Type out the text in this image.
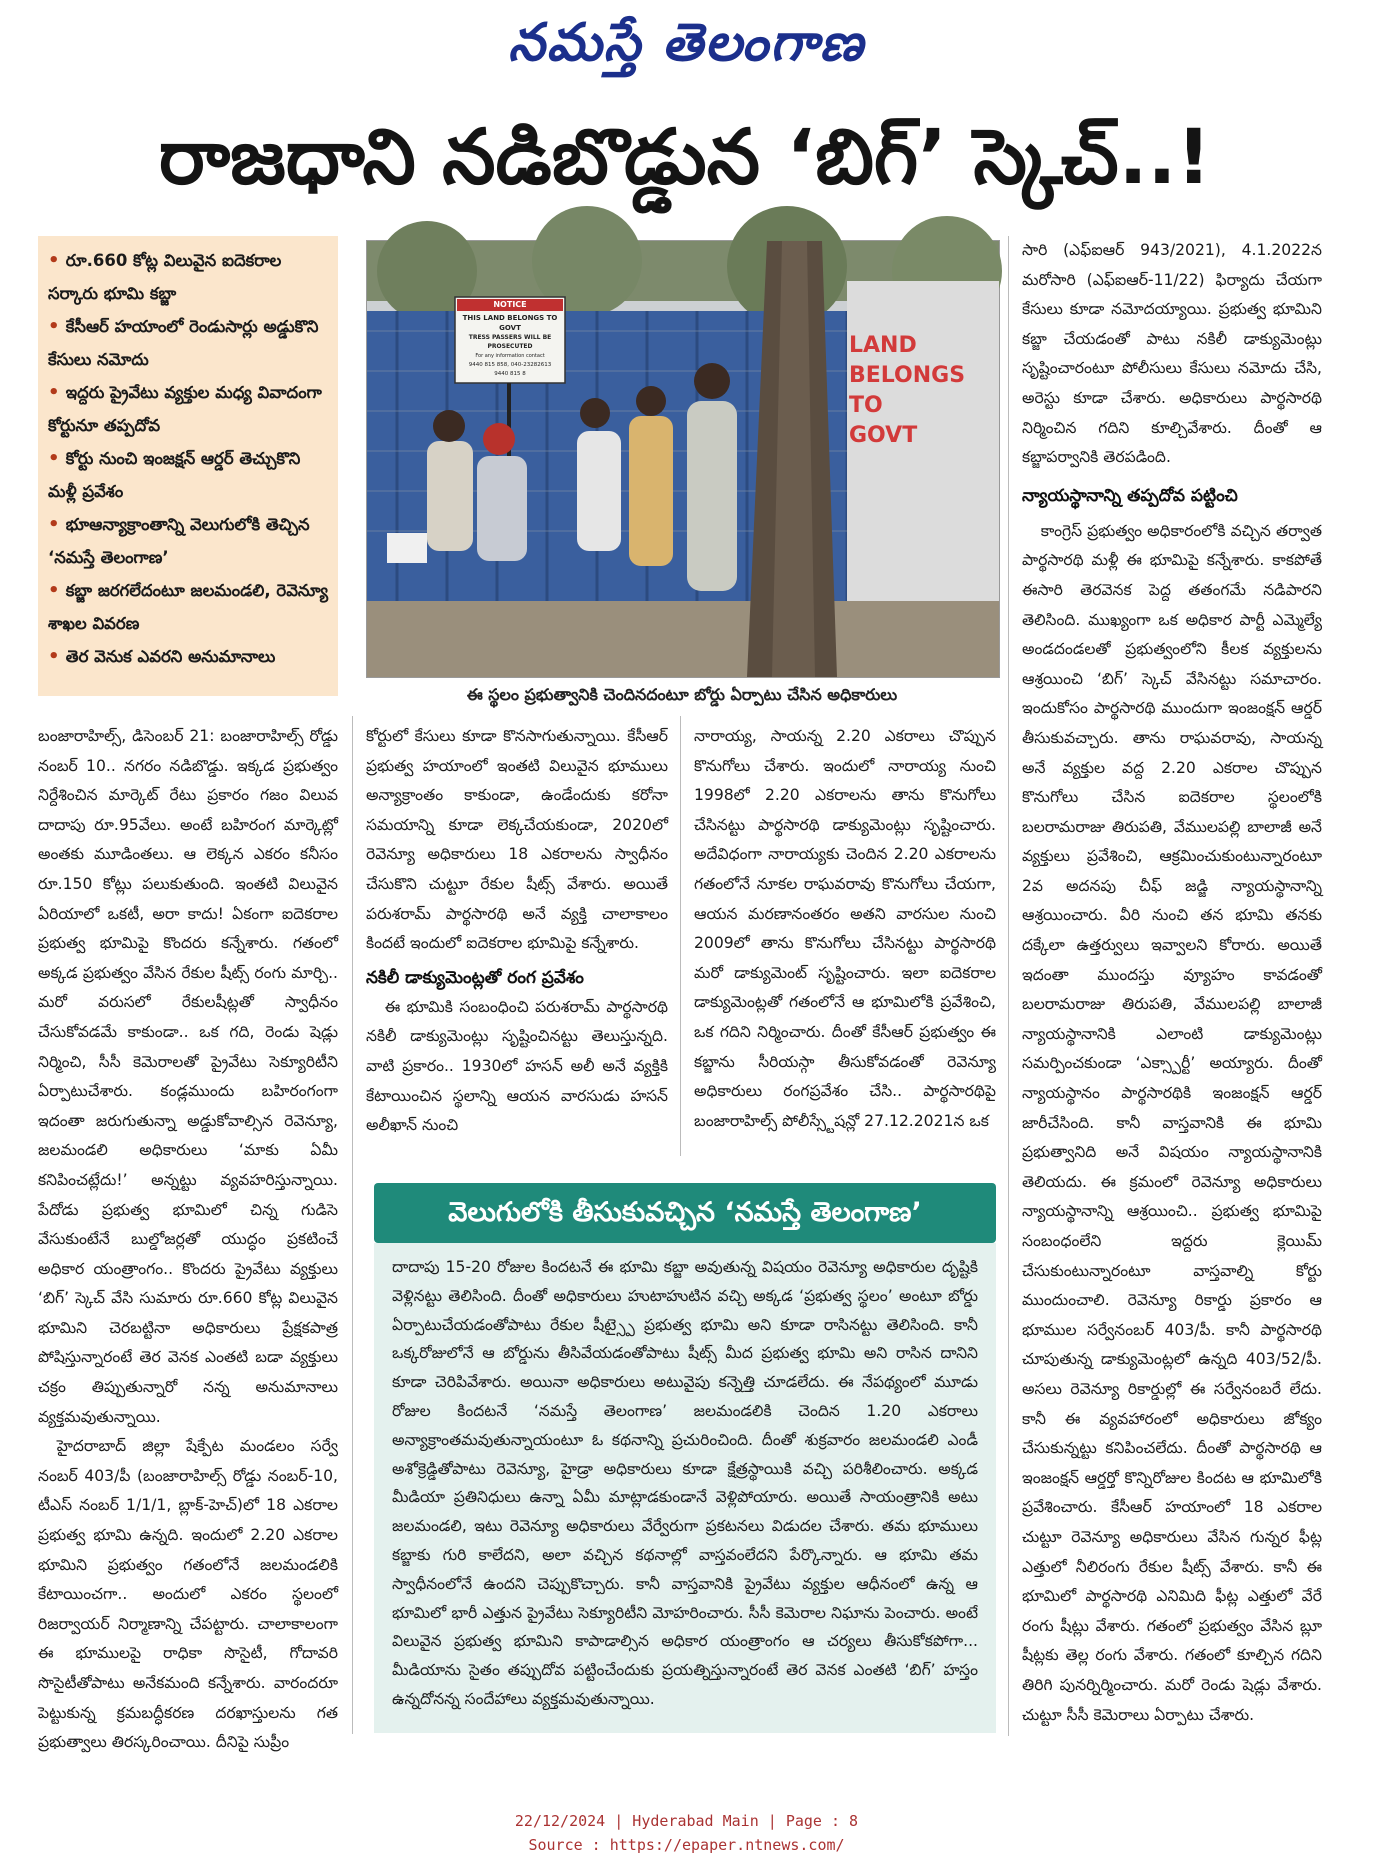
నమస్తే తెలంగాణ
రాజధాని నడిబొడ్డున ‘బిగ్’ స్కెచ్..!
• రూ.660 కోట్ల విలువైన ఐదెకరాల సర్కారు భూమి కబ్జా
• కేసీఆర్ హయాంలో రెండుసార్లు అడ్డుకొని కేసులు నమోదు
• ఇద్దరు ప్రైవేటు వ్యక్తుల మధ్య వివాదంగా కోర్టునూ తప్పదోవ
• కోర్టు నుంచి ఇంజక్షన్ ఆర్డర్ తెచ్చుకొని మళ్లీ ప్రవేశం
• భూఆన్యాక్రాంతాన్ని వెలుగులోకి తెచ్చిన ‘నమస్తే తెలంగాణ’
• కబ్జా జరగలేదంటూ జలమండలి, రెవెన్యూ శాఖల వివరణ
• తెర వెనుక ఎవరని అనుమానాలు
NOTICE
THIS LAND BELONGS TO GOVT
TRESS PASSERS WILL BE PROSECUTED
For any information contact
9440 815 858, 040-23282613
9440 815 8
LAND BELONGS TO GOVT
ఈ స్థలం ప్రభుత్వానికి చెందినదంటూ బోర్డు ఏర్పాటు చేసిన అధికారులు

బంజారాహిల్స్, డిసెంబర్ 21: బంజారాహిల్స్ రోడ్డు నంబర్ 10.. నగరం నడిబొడ్డు. ఇక్కడ ప్రభుత్వం నిర్దేశించిన మార్కెట్ రేటు ప్రకారం గజం విలువ దాదాపు రూ.95వేలు. అంటే బహిరంగ మార్కెట్లో అంతకు మూడింతలు. ఆ లెక్కన ఎకరం కనీసం రూ.150 కోట్లు పలుకుతుంది. ఇంతటి విలువైన ఏరియాలో ఒకటీ, అరా కాదు! ఏకంగా ఐదెకరాల ప్రభుత్వ భూమిపై కొందరు కన్నేశారు. గతంలో అక్కడ ప్రభుత్వం వేసిన రేకుల షీట్స్ రంగు మార్చి.. మరో వరుసలో రేకులషీట్లతో స్వాధీనం చేసుకోవడమే కాకుండా.. ఒక గది, రెండు షెడ్లు నిర్మించి, సీసీ కెమెరాలతో ప్రైవేటు సెక్యూరిటీని ఏర్పాటుచేశారు. కండ్లముందు బహిరంగంగా ఇదంతా జరుగుతున్నా అడ్డుకోవాల్సిన రెవెన్యూ, జలమండలి అధికారులు ‘మాకు ఏమీ కనిపించట్లేదు!’ అన్నట్టు వ్యవహరిస్తున్నాయి. పేదోడు ప్రభుత్వ భూమిలో చిన్న గుడిసె వేసుకుంటేనే బుల్డోజర్లతో యుద్ధం ప్రకటించే అధికార యంత్రాంగం.. కొందరు ప్రైవేటు వ్యక్తులు ‘బిగ్’ స్కెచ్ వేసి సుమారు రూ.660 కోట్ల విలువైన భూమిని చెరబట్టినా అధికారులు ప్రేక్షకపాత్ర పోషిస్తున్నారంటే తెర వెనక ఎంతటి బడా వ్యక్తులు చక్రం తిప్పుతున్నారో నన్న అనుమానాలు వ్యక్తమవుతున్నాయి.

హైదరాబాద్ జిల్లా షేక్పేట మండలం సర్వే నంబర్ 403/పీ (బంజారాహిల్స్ రోడ్డు నంబర్-10, టీఎస్ నంబర్ 1/1/1, బ్లాక్-హెచ్)లో 18 ఎకరాల ప్రభుత్వ భూమి ఉన్నది. ఇందులో 2.20 ఎకరాల భూమిని ప్రభుత్వం గతంలోనే జలమండలికి కేటాయించగా.. అందులో ఎకరం స్థలంలో రిజర్వాయర్ నిర్మాణాన్ని చేపట్టారు. చాలాకాలంగా ఈ భూములపై రాధికా సొసైటీ, గోదావరి సొసైటీతోపాటు అనేకమంది కన్నేశారు. వారందరూ పెట్టుకున్న క్రమబద్ధీకరణ దరఖాస్తులను గత ప్రభుత్వాలు తిరస్కరించాయి. దీనిపై సుప్రీం

కోర్టులో కేసులు కూడా కొనసాగుతున్నాయి. కేసీఆర్ ప్రభుత్వ హయాంలో ఇంతటి విలువైన భూములు అన్యాక్రాంతం కాకుండా, ఉండేందుకు కరోనా సమయాన్ని కూడా లెక్కచేయకుండా, 2020లో రెవెన్యూ అధికారులు 18 ఎకరాలను స్వాధీనం చేసుకొని చుట్టూ రేకుల షీట్స్ వేశారు. అయితే పరుశరామ్ పార్థసారథి అనే వ్యక్తి చాలాకాలం కిందటే ఇందులో ఐదెకరాల భూమిపై కన్నేశారు.

నకిలీ డాక్యుమెంట్లతో రంగ ప్రవేశం

ఈ భూమికి సంబంధించి పరుశరామ్ పార్థసారథి నకిలీ డాక్యుమెంట్లు సృష్టించినట్టు తెలుస్తున్నది. వాటి ప్రకారం.. 1930లో హసన్ అలీ అనే వ్యక్తికి కేటాయించిన స్థలాన్ని ఆయన వారసుడు హసన్ అలీఖాన్ నుంచి

నారాయ్య, సాయన్న 2.20 ఎకరాలు చొప్పున కొనుగోలు చేశారు. ఇందులో నారాయ్య నుంచి 1998లో 2.20 ఎకరాలను తాను కొనుగోలు చేసినట్టు పార్థసారథి డాక్యుమెంట్లు సృష్టించారు. అదేవిధంగా నారాయ్యకు చెందిన 2.20 ఎకరాలను గతంలోనే నూకల రాఘవరావు కొనుగోలు చేయగా, ఆయన మరణానంతరం అతని వారసుల నుంచి 2009లో తాను కొనుగోలు చేసినట్టు పార్థసారథి మరో డాక్యుమెంట్ సృష్టించారు. ఇలా ఐదెకరాల డాక్యుమెంట్లతో గతంలోనే ఆ భూమిలోకి ప్రవేశించి, ఒక గదిని నిర్మించారు. దీంతో కేసీఆర్ ప్రభుత్వం ఈ కబ్జాను సీరియస్గా తీసుకోవడంతో రెవెన్యూ అధికారులు రంగప్రవేశం చేసి.. పార్థసారథిపై బంజారాహిల్స్ పోలీస్స్టేషన్లో 27.12.2021న ఒక

వెలుగులోకి తీసుకువచ్చిన ‘నమస్తే తెలంగాణ’
దాదాపు 15-20 రోజుల కిందటనే ఈ భూమి కబ్జా అవుతున్న విషయం రెవెన్యూ అధికారుల దృష్టికి వెళ్లినట్టు తెలిసింది. దీంతో అధికారులు హుటాహుటిన వచ్చి అక్కడ ‘ప్రభుత్వ స్థలం’ అంటూ బోర్డు ఏర్పాటుచేయడంతోపాటు రేకుల షీట్స్పై ప్రభుత్వ భూమి అని కూడా రాసినట్టు తెలిసింది. కానీ ఒక్కరోజులోనే ఆ బోర్డును తీసివేయడంతోపాటు షీట్స్ మీద ప్రభుత్వ భూమి అని రాసిన దానిని కూడా చెరిపివేశారు. అయినా అధికారులు అటువైపు కన్నెత్తి చూడలేదు. ఈ నేపథ్యంలో మూడు రోజుల కిందటనే ‘నమస్తే తెలంగాణ’ జలమండలికి చెందిన 1.20 ఎకరాలు అన్యాక్రాంతమవుతున్నాయంటూ ఓ కథనాన్ని ప్రచురించింది. దీంతో శుక్రవారం జలమండలి ఎండీ అశోక్రెడ్డితోపాటు రెవెన్యూ, హైడ్రా అధికారులు కూడా క్షేత్రస్థాయికి వచ్చి పరిశీలించారు. అక్కడ మీడియా ప్రతినిధులు ఉన్నా ఏమీ మాట్లాడకుండానే వెళ్లిపోయారు. అయితే సాయంత్రానికి అటు జలమండలి, ఇటు రెవెన్యూ అధికారులు వేర్వేరుగా ప్రకటనలు విడుదల చేశారు. తమ భూములు కబ్జాకు గురి కాలేదని, అలా వచ్చిన కథనాల్లో వాస్తవంలేదని పేర్కొన్నారు. ఆ భూమి తమ స్వాధీనంలోనే ఉందని చెప్పుకొచ్చారు. కానీ వాస్తవానికి ప్రైవేటు వ్యక్తుల ఆధీనంలో ఉన్న ఆ భూమిలో భారీ ఎత్తున ప్రైవేటు సెక్యూరిటీని మోహరించారు. సీసీ కెమెరాల నిఘాను పెంచారు. అంటే విలువైన ప్రభుత్వ భూమిని కాపాడాల్సిన అధికార యంత్రాంగం ఆ చర్యలు తీసుకోకపోగా... మీడియాను సైతం తప్పుదోవ పట్టించేందుకు ప్రయత్నిస్తున్నారంటే తెర వెనక ఎంతటి ‘బిగ్’ హస్తం ఉన్నదోనన్న సందేహాలు వ్యక్తమవుతున్నాయి.

సారి (ఎఫ్ఐఆర్ 943/2021), 4.1.2022న మరోసారి (ఎఫ్ఐఆర్-11/22) ఫిర్యాదు చేయగా కేసులు కూడా నమోదయ్యాయి. ప్రభుత్వ భూమిని కబ్జా చేయడంతో పాటు నకిలీ డాక్యుమెంట్లు సృష్టించారంటూ పోలీసులు కేసులు నమోదు చేసి, అరెస్టు కూడా చేశారు. అధికారులు పార్థసారథి నిర్మించిన గదిని కూల్చివేశారు. దీంతో ఆ కబ్జాపర్వానికి తెరపడింది.

న్యాయస్థానాన్ని తప్పదోవ పట్టించి

కాంగ్రెస్ ప్రభుత్వం అధికారంలోకి వచ్చిన తర్వాత పార్థసారథి మళ్లీ ఈ భూమిపై కన్నేశారు. కాకపోతే ఈసారి తెరవెనక పెద్ద తతంగమే నడిపారని తెలిసింది. ముఖ్యంగా ఒక అధికార పార్టీ ఎమ్మెల్యే అండదండలతో ప్రభుత్వంలోని కీలక వ్యక్తులను ఆశ్రయించి ‘బిగ్’ స్కెచ్ వేసినట్టు సమాచారం. ఇందుకోసం పార్థసారథి ముందుగా ఇంజంక్షన్ ఆర్డర్ తీసుకువచ్చారు. తాను రాఘవరావు, సాయన్న అనే వ్యక్తుల వద్ద 2.20 ఎకరాల చొప్పున కొనుగోలు చేసిన ఐదెకరాల స్థలంలోకి బలరామరాజు తిరుపతి, వేములపల్లి బాలాజీ అనే వ్యక్తులు ప్రవేశించి, ఆక్రమించుకుంటున్నారంటూ 2వ అదనపు చీఫ్ జడ్జి న్యాయస్థానాన్ని ఆశ్రయించారు. వీరి నుంచి తన భూమి తనకు దక్కేలా ఉత్తర్వులు ఇవ్వాలని కోరారు. అయితే ఇదంతా ముందస్తు వ్యూహం కావడంతో బలరామరాజు తిరుపతి, వేములపల్లి బాలాజీ న్యాయస్థానానికి ఎలాంటి డాక్యుమెంట్లు సమర్పించకుండా ‘ఎక్స్పార్టీ’ అయ్యారు. దీంతో న్యాయస్థానం పార్థసారథికి ఇంజంక్షన్ ఆర్డర్ జారీచేసింది. కానీ వాస్తవానికి ఈ భూమి ప్రభుత్వానిది అనే విషయం న్యాయస్థానానికి తెలియదు. ఈ క్రమంలో రెవెన్యూ అధికారులు న్యాయస్థానాన్ని ఆశ్రయించి.. ప్రభుత్వ భూమిపై సంబంధంలేని ఇద్దరు క్లెయిమ్ చేసుకుంటున్నారంటూ వాస్తవాల్ని కోర్టు ముందుంచాలి. రెవెన్యూ రికార్డు ప్రకారం ఆ భూముల సర్వేనంబర్ 403/పీ. కానీ పార్థసారథి చూపుతున్న డాక్యుమెంట్లలో ఉన్నది 403/52/పీ. అసలు రెవెన్యూ రికార్డుల్లో ఈ సర్వేనంబరే లేదు. కానీ ఈ వ్యవహారంలో అధికారులు జోక్యం చేసుకున్నట్టు కనిపించలేదు. దీంతో పార్థసారథి ఆ ఇంజంక్షన్ ఆర్డర్తో కొన్నిరోజుల కిందట ఆ భూమిలోకి ప్రవేశించారు. కేసీఆర్ హయాంలో 18 ఎకరాల చుట్టూ రెవెన్యూ అధికారులు వేసిన గున్నర ఫీట్ల ఎత్తులో నీలిరంగు రేకుల షీట్స్ వేశారు. కానీ ఈ భూమిలో పార్థసారథి ఎనిమిది ఫీట్ల ఎత్తులో వేరే రంగు షీట్లు వేశారు. గతంలో ప్రభుత్వం వేసిన బ్లూ షీట్లకు తెల్ల రంగు వేశారు. గతంలో కూల్చిన గదిని తిరిగి పునర్నిర్మించారు. మరో రెండు షెడ్లు వేశారు. చుట్టూ సీసీ కెమెరాలు ఏర్పాటు చేశారు.

22/12/2024 | Hyderabad Main | Page : 8
Source : https://epaper.ntnews.com/
